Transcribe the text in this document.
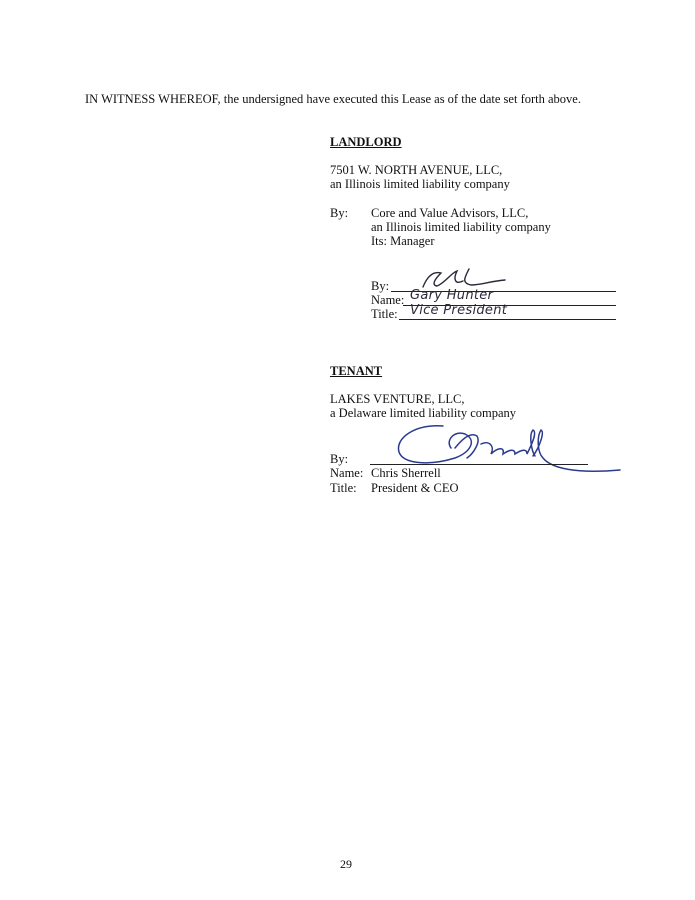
IN WITNESS WHEREOF, the undersigned have executed this Lease as of the date set forth above.
LANDLORD
7501 W. NORTH AVENUE, LLC,
an Illinois limited liability company
By: Core and Value Advisors, LLC,
an Illinois limited liability company
Its: Manager
By:
Name: Gary Hunter
Title: Vice President
TENANT
LAKES VENTURE, LLC,
a Delaware limited liability company
By:
Name: Chris Sherrell
Title: President & CEO
29
